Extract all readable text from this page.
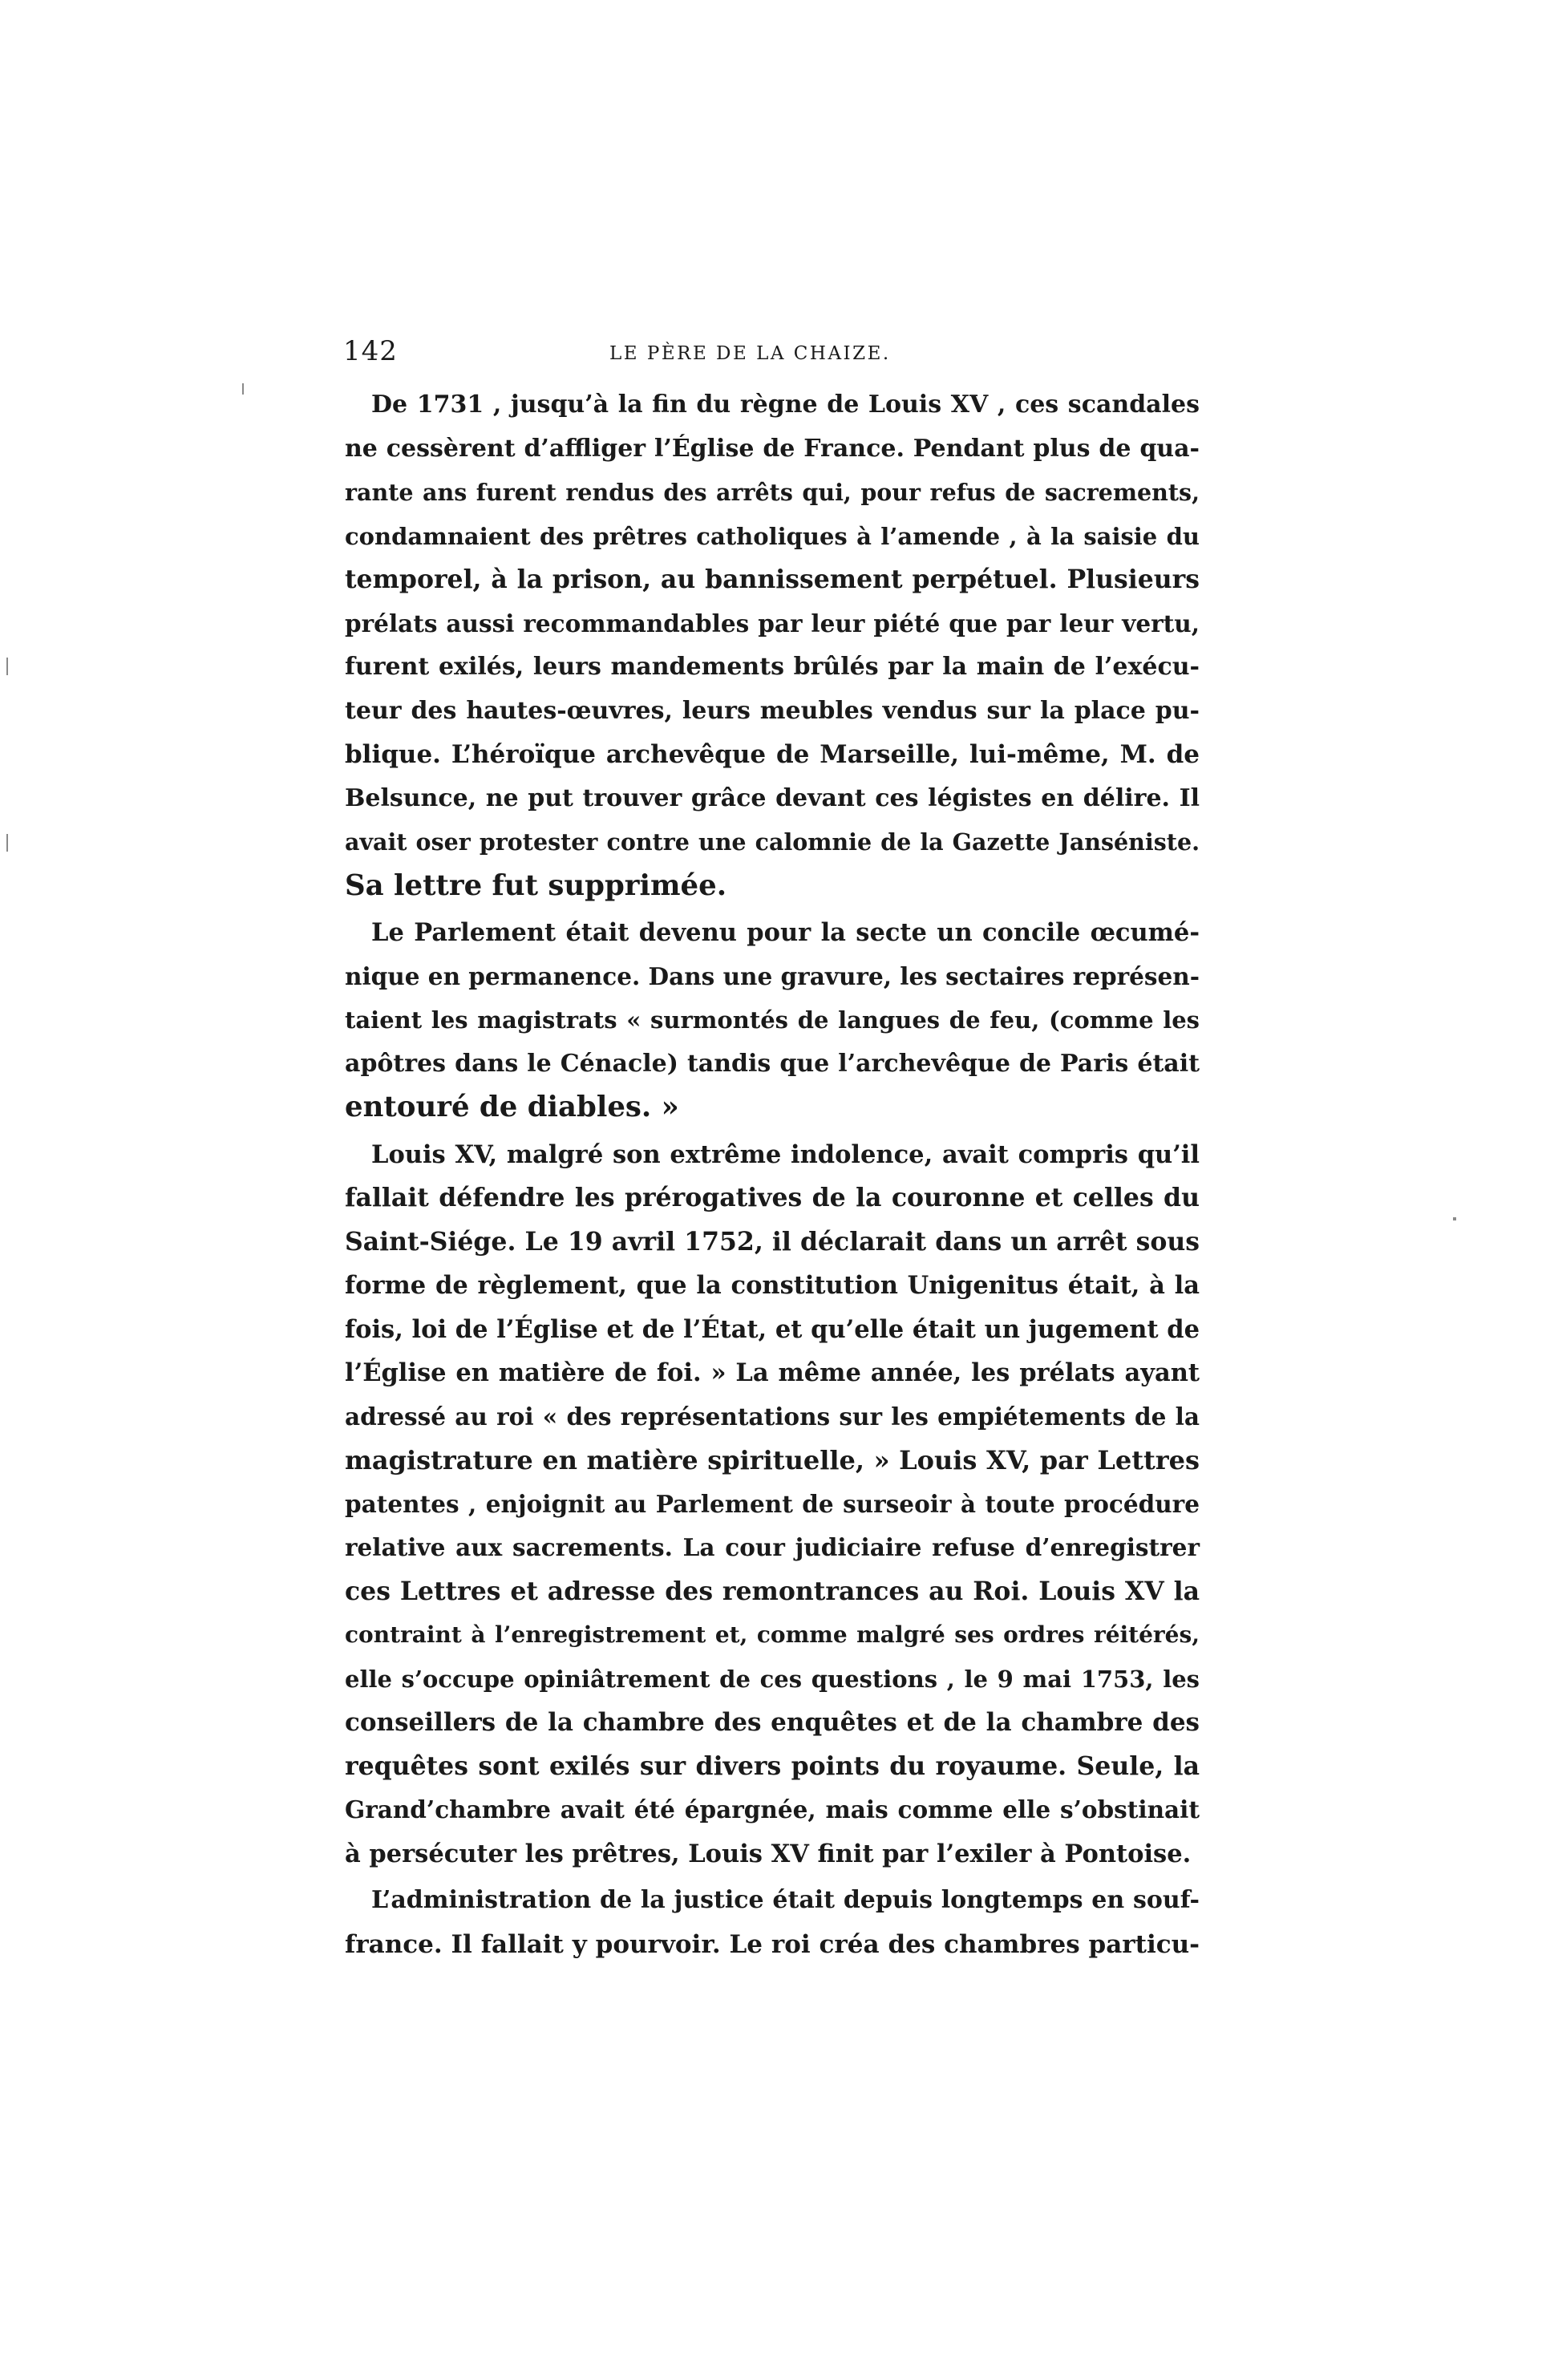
142	LE PÈRE DE LA CHAIZE.
De 1731 , jusqu’à la fin du règne de Louis XV , ces scandales
ne cessèrent d’affliger l’Église de France. Pendant plus de qua-
rante ans furent rendus des arrêts qui, pour refus de sacrements,
condamnaient des prêtres catholiques à l’amende , à la saisie du
temporel, à la prison, au bannissement perpétuel. Plusieurs
prélats aussi recommandables par leur piété que par leur vertu,
furent exilés, leurs mandements brûlés par la main de l’exécu-
teur des hautes-œuvres, leurs meubles vendus sur la place pu-
blique. L’héroïque archevêque de Marseille, lui-même, M. de
Belsunce, ne put trouver grâce devant ces légistes en délire. Il
avait oser protester contre une calomnie de la Gazette Janséniste.
Sa lettre fut supprimée.
Le Parlement était devenu pour la secte un concile œcumé-
nique en permanence. Dans une gravure, les sectaires représen-
taient les magistrats « surmontés de langues de feu, (comme les
apôtres dans le Cénacle) tandis que l’archevêque de Paris était
entouré de diables. »
Louis XV, malgré son extrême indolence, avait compris qu’il
fallait défendre les prérogatives de la couronne et celles du
Saint-Siége. Le 19 avril 1752, il déclarait dans un arrêt sous
forme de règlement, que la constitution Unigenitus était, à la
fois, loi de l’Église et de l’État, et qu’elle était un jugement de
l’Église en matière de foi. » La même année, les prélats ayant
adressé au roi « des représentations sur les empiétements de la
magistrature en matière spirituelle, » Louis XV, par Lettres
patentes , enjoignit au Parlement de surseoir à toute procédure
relative aux sacrements. La cour judiciaire refuse d’enregistrer
ces Lettres et adresse des remontrances au Roi. Louis XV la
contraint à l’enregistrement et, comme malgré ses ordres réitérés,
elle s’occupe opiniâtrement de ces questions , le 9 mai 1753, les
conseillers de la chambre des enquêtes et de la chambre des
requêtes sont exilés sur divers points du royaume. Seule, la
Grand’chambre avait été épargnée, mais comme elle s’obstinait
à persécuter les prêtres, Louis XV finit par l’exiler à Pontoise.
L’administration de la justice était depuis longtemps en souf-
france. Il fallait y pourvoir. Le roi créa des chambres particu-
